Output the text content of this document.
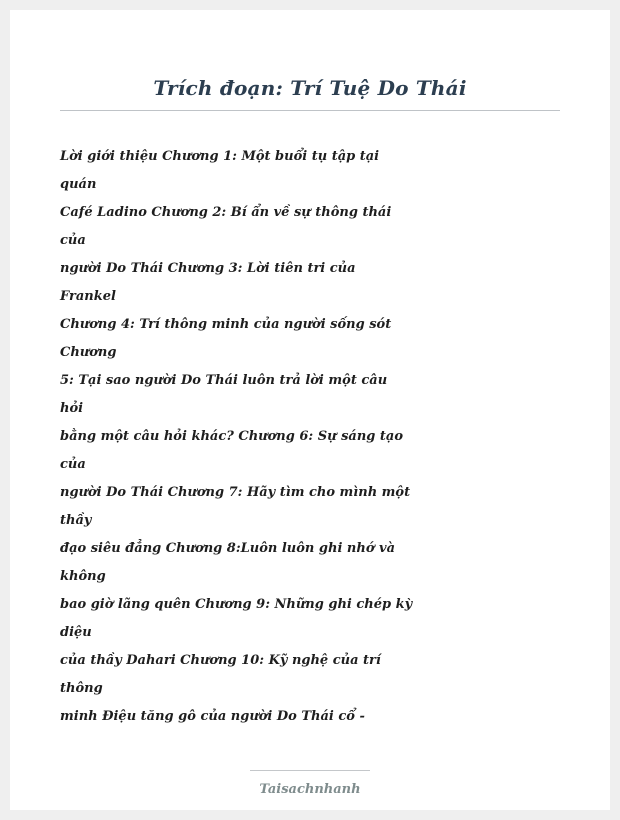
Trích đoạn: Trí Tuệ Do Thái
Lời giới thiệu Chương 1: Một buổi tụ tập tại
quán
Café Ladino Chương 2: Bí ẩn về sự thông thái
của
người Do Thái Chương 3: Lời tiên tri của
Frankel
Chương 4: Trí thông minh của người sống sót
Chương
5: Tại sao người Do Thái luôn trả lời một câu
hỏi
bằng một câu hỏi khác? Chương 6: Sự sáng tạo
của
người Do Thái Chương 7: Hãy tìm cho mình một
thầy
đạo siêu đẳng Chương 8:Luôn luôn ghi nhớ và
không
bao giờ lãng quên Chương 9: Những ghi chép kỳ
diệu
của thầy Dahari Chương 10: Kỹ nghệ của trí
thông
minh Điệu tăng gô của người Do Thái cổ -
Taisachnhanh
